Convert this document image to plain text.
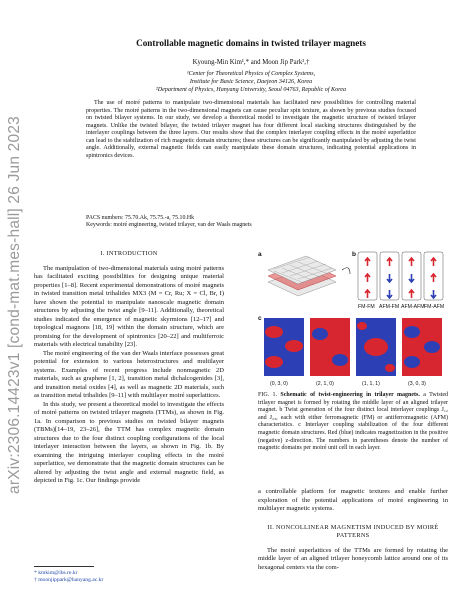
arXiv:2306.14423v1 [cond-mat.mes-hall] 26 Jun 2023
Controllable magnetic domains in twisted trilayer magnets
Kyoung-Min Kim¹,* and Moon Jip Park²,†
¹Center for Theoretical Physics of Complex Systems,
Institute for Basic Science, Daejeon 34126, Korea
²Department of Physics, Hanyang University, Seoul 04763, Republic of Korea
The use of moiré patterns to manipulate two-dimensional materials has facilitated new possibilities for controlling material properties. The moiré patterns in the two-dimensional magnets can cause peculiar spin texture, as shown by previous studies focused on twisted bilayer systems. In our study, we develop a theoretical model to investigate the magnetic structure of twisted trilayer magnets. Unlike the twisted bilayer, the twisted trilayer magnet has four different local stacking structures distinguished by the interlayer couplings between the three layers. Our results show that the complex interlayer coupling effects in the moiré superlattice can lead to the stabilization of rich magnetic domain structures; these structures can be significantly manipulated by adjusting the twist angle. Additionally, external magnetic fields can easily manipulate these domain structures, indicating potential applications in spintronics devices.
PACS numbers: 75.70.Ak, 75.75.-a, 75.10.Hk
Keywords: moiré engineering, twisted trilayer, van der Waals magnets
I. INTRODUCTION

The manipulation of two-dimensional materials using moiré patterns has facilitated exciting possibilities for designing unique material properties [1–8]. Recent experimental demonstrations of moiré magnets in twisted transition metal trihalides MX3 (M = Cr, Ru; X = Cl, Br, I) have shown the potential to manipulate nanoscale magnetic domain structures by adjusting the twist angle [9–11]. Additionally, theoretical studies indicated the emergence of magnetic skyrmions [12–17] and topological magnons [18, 19] within the domain structure, which are promising for the development of spintronics [20–22] and multiferroic materials with electrical tunability [23].

The moiré engineering of the van der Waals interface possesses great potential for extension to various heterostructures and multilayer systems. Examples of recent progress include nonmagnetic 2D materials, such as graphene [1, 2], transition metal dichalcogenides [3], and transition metal oxides [4], as well as magnetic 2D materials, such as transition metal trihalides [9–11] with multilayer moiré superlattices.

In this study, we present a theoretical model to investigate the effects of moiré patterns on twisted trilayer magnets (TTMs), as shown in Fig. 1a. In comparison to previous studies on twisted bilayer magnets (TBMs)[14–19, 23–26], the TTM has complex magnetic domain structures due to the four distinct coupling configurations of the local interlayer interaction between the layers, as shown in Fig. 1b. By examining the intriguing interlayer coupling effects in the moiré superlattice, we demonstrate that the magnetic domain structures can be altered by adjusting the twist angle and external magnetic field, as depicted in Fig. 1c. Our findings provide

* kmkim@ibs.re.kr
† moonjippark@hanyang.ac.kr
a	b
FM-FM AFM-FM AFM-AFM FM-AFM
c
(0, 3, 0)	(2, 1, 0)	(1, 1, 1)	(3, 0, 3)
FIG. 1. Schematic of twist-engineering in trilayer magnets. a Twisted trilayer magnet is formed by rotating the middle layer of an aligned trilayer magnet. b Twist generation of the four distinct local interlayer couplings J₁₂ and J₂₃, each with either ferromagnetic (FM) or antiferromagnetic (AFM) characteristics. c Interlayer coupling stabilization of the four different magnetic domain structures. Red (blue) indicates magnetization in the positive (negative) z-direction. The numbers in parentheses denote the number of magnetic domains per moiré unit cell in each layer.

a controllable platform for magnetic textures and enable further exploration of the potential applications of moiré engineering in multilayer magnetic systems.

II. NONCOLLINEAR MAGNETISM INDUCED BY MOIRÉ PATTERNS

The moiré superlattices of the TTMs are formed by rotating the middle layer of an aligned trilayer honeycomb lattice around one of its hexagonal centers via the com-
